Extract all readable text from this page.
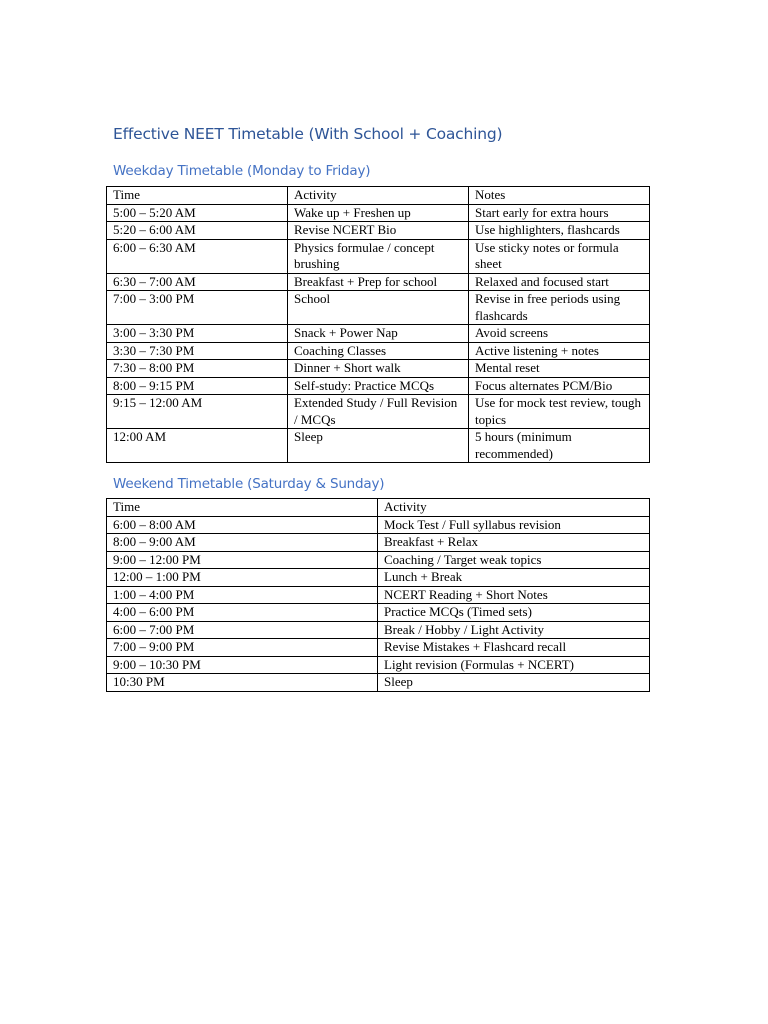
Effective NEET Timetable (With School + Coaching)
Weekday Timetable (Monday to Friday)
Time	Activity	Notes
5:00 – 5:20 AM	Wake up + Freshen up	Start early for extra hours
5:20 – 6:00 AM	Revise NCERT Bio	Use highlighters, flashcards
6:00 – 6:30 AM	Physics formulae / concept brushing	Use sticky notes or formula sheet
6:30 – 7:00 AM	Breakfast + Prep for school	Relaxed and focused start
7:00 – 3:00 PM	School	Revise in free periods using flashcards
3:00 – 3:30 PM	Snack + Power Nap	Avoid screens
3:30 – 7:30 PM	Coaching Classes	Active listening + notes
7:30 – 8:00 PM	Dinner + Short walk	Mental reset
8:00 – 9:15 PM	Self-study: Practice MCQs	Focus alternates PCM/Bio
9:15 – 12:00 AM	Extended Study / Full Revision / MCQs	Use for mock test review, tough topics
12:00 AM	Sleep	5 hours (minimum recommended)
Weekend Timetable (Saturday & Sunday)
Time	Activity
6:00 – 8:00 AM	Mock Test / Full syllabus revision
8:00 – 9:00 AM	Breakfast + Relax
9:00 – 12:00 PM	Coaching / Target weak topics
12:00 – 1:00 PM	Lunch + Break
1:00 – 4:00 PM	NCERT Reading + Short Notes
4:00 – 6:00 PM	Practice MCQs (Timed sets)
6:00 – 7:00 PM	Break / Hobby / Light Activity
7:00 – 9:00 PM	Revise Mistakes + Flashcard recall
9:00 – 10:30 PM	Light revision (Formulas + NCERT)
10:30 PM	Sleep
